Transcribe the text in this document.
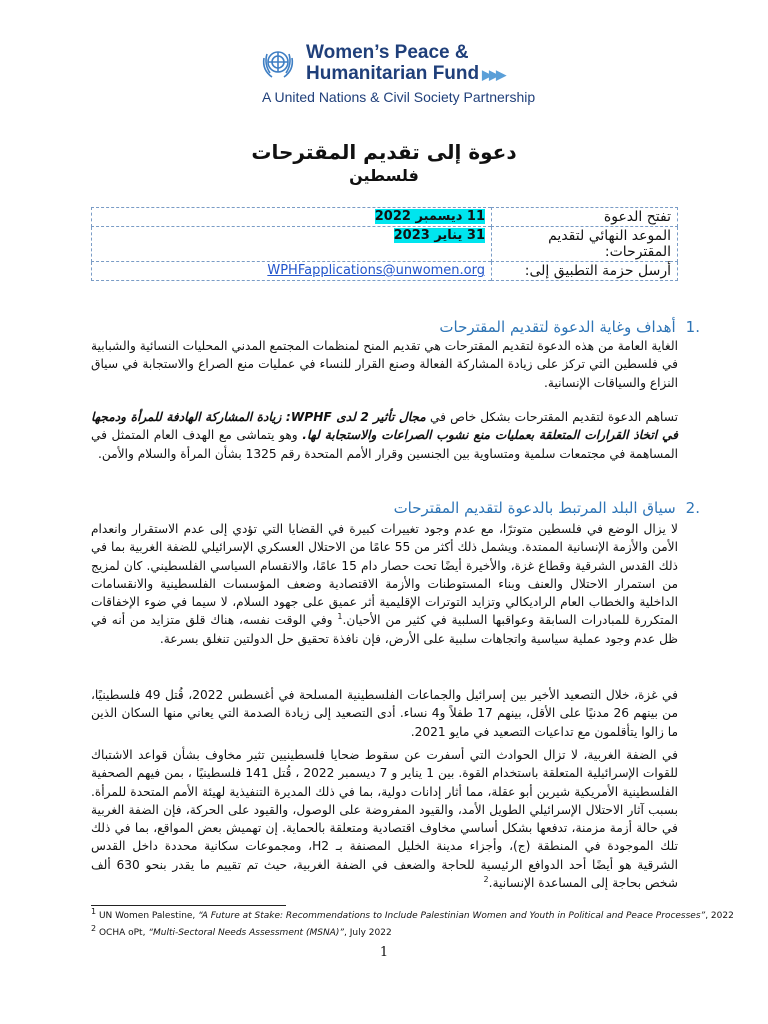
Women’s Peace &
Humanitarian Fund ▶▶▶
A United Nations & Civil Society Partnership
دعوة إلى تقديم المقترحات
فلسطين
تفتح الدعوة	11 ديسمبر 2022
الموعد النهائي لتقديم المقترحات:	31 يناير 2023
أرسل حزمة التطبيق إلى:	WPHFapplications@unwomen.org
.1أهداف وغاية الدعوة لتقديم المقترحات
الغاية العامة من هذه الدعوة لتقديم المقترحات هي تقديم المنح لمنظمات المجتمع المدني المحليات النسائية والشبابية في فلسطين التي تركز على زيادة المشاركة الفعالة وصنع القرار للنساء في عمليات منع الصراع والاستجابة في سياق النزاع والسياقات الإنسانية.
تساهم الدعوة لتقديم المقترحات بشكل خاص في مجال تأثير 2 لدى WPHF: زيادة المشاركة الهادفة للمرأة ودمجها في اتخاذ القرارات المتعلقة بعمليات منع نشوب الصراعات والاستجابة لها. وهو يتماشى مع الهدف العام المتمثل في المساهمة في مجتمعات سلمية ومتساوية بين الجنسين وقرار الأمم المتحدة رقم 1325 بشأن المرأة والسلام والأمن.
.2سياق البلد المرتبط بالدعوة لتقديم المقترحات
لا يزال الوضع في فلسطين متوترًا، مع عدم وجود تغييرات كبيرة في القضايا التي تؤدي إلى عدم الاستقرار وانعدام الأمن والأزمة الإنسانية الممتدة. ويشمل ذلك أكثر من 55 عامًا من الاحتلال العسكري الإسرائيلي للضفة الغربية بما في ذلك القدس الشرقية وقطاع غزة، والأخيرة أيضًا تحت حصار دام 15 عامًا، والانقسام السياسي الفلسطيني. كان لمزيج من استمرار الاحتلال والعنف وبناء المستوطنات والأزمة الاقتصادية وضعف المؤسسات الفلسطينية والانقسامات الداخلية والخطاب العام الراديكالي وتزايد التوترات الإقليمية أثر عميق على جهود السلام، لا سيما في ضوء الإخفاقات المتكررة للمبادرات السابقة وعواقبها السلبية في كثير من الأحيان.$^1$ وفي الوقت نفسه، هناك قلق متزايد من أنه في ظل عدم وجود عملية سياسية واتجاهات سلبية على الأرض، فإن نافذة تحقيق حل الدولتين تنغلق بسرعة.
في غزة، خلال التصعيد الأخير بين إسرائيل والجماعات الفلسطينية المسلحة في أغسطس 2022، قُتل 49 فلسطينيًا، من بينهم 26 مدنيًا على الأقل، بينهم 17 طفلاً و4 نساء. أدى التصعيد إلى زيادة الصدمة التي يعاني منها السكان الذين ما زالوا يتأقلمون مع تداعيات التصعيد في مايو 2021.
في الضفة الغربية، لا تزال الحوادث التي أسفرت عن سقوط ضحايا فلسطينيين تثير مخاوف بشأن قواعد الاشتباك للقوات الإسرائيلية المتعلقة باستخدام القوة. بين 1 يناير و 7 ديسمبر 2022 ، قُتل 141 فلسطينيًا ، بمن فيهم الصحفية الفلسطينية الأمريكية شيرين أبو عقلة، مما أثار إدانات دولية، بما في ذلك المديرة التنفيذية لهيئة الأمم المتحدة للمرأة. بسبب آثار الاحتلال الإسرائيلي الطويل الأمد، والقيود المفروضة على الوصول، والقيود على الحركة، فإن الضفة الغربية في حالة أزمة مزمنة، تدفعها بشكل أساسي مخاوف اقتصادية ومتعلقة بالحماية. إن تهميش بعض المواقع، بما في ذلك تلك الموجودة في المنطقة (ج)، وأجزاء مدينة الخليل المصنفة بـ H2، ومجموعات سكانية محددة داخل القدس الشرقية هو أيضًا أحد الدوافع الرئيسية للحاجة والضعف في الضفة الغربية، حيث تم تقييم ما يقدر بنحو 630 ألف شخص بحاجة إلى المساعدة الإنسانية.$^2$
$^1$ UN Women Palestine, “A Future at Stake: Recommendations to Include Palestinian Women and Youth in Political and Peace Processes”, 2022
$^2$ OCHA oPt, “Multi-Sectoral Needs Assessment (MSNA)”, July 2022
1
